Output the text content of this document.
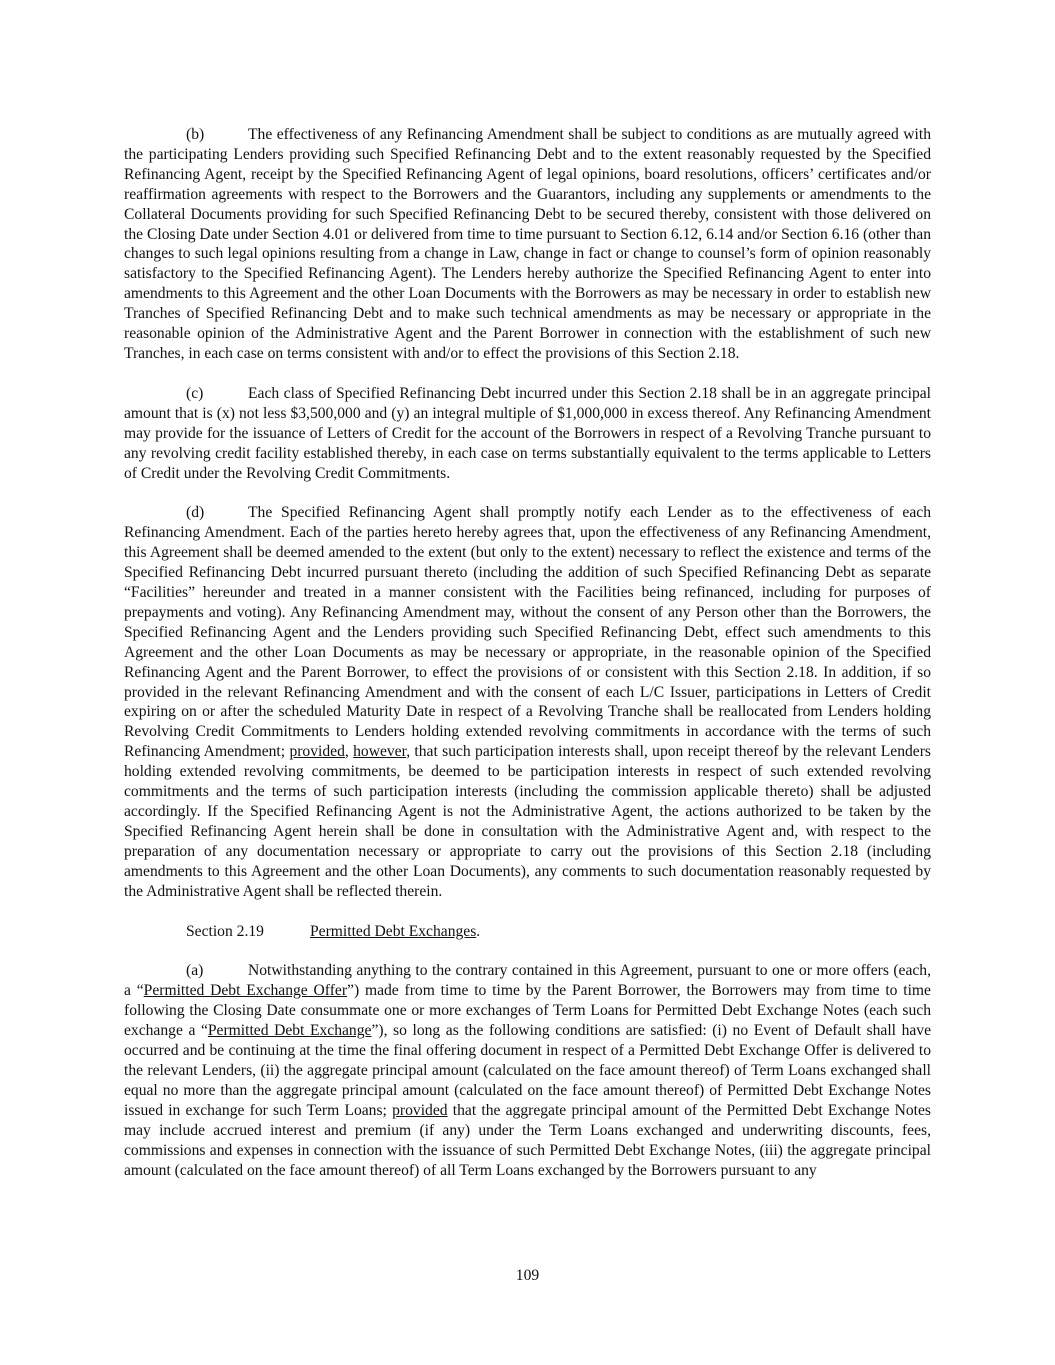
(b)	The effectiveness of any Refinancing Amendment shall be subject to conditions as are mutually agreed with the participating Lenders providing such Specified Refinancing Debt and to the extent reasonably requested by the Specified Refinancing Agent, receipt by the Specified Refinancing Agent of legal opinions, board resolutions, officers’ certificates and/or reaffirmation agreements with respect to the Borrowers and the Guarantors, including any supplements or amendments to the Collateral Documents providing for such Specified Refinancing Debt to be secured thereby, consistent with those delivered on the Closing Date under Section 4.01 or delivered from time to time pursuant to Section 6.12, 6.14 and/or Section 6.16 (other than changes to such legal opinions resulting from a change in Law, change in fact or change to counsel’s form of opinion reasonably satisfactory to the Specified Refinancing Agent). The Lenders hereby authorize the Specified Refinancing Agent to enter into amendments to this Agreement and the other Loan Documents with the Borrowers as may be necessary in order to establish new Tranches of Specified Refinancing Debt and to make such technical amendments as may be necessary or appropriate in the reasonable opinion of the Administrative Agent and the Parent Borrower in connection with the establishment of such new Tranches, in each case on terms consistent with and/or to effect the provisions of this Section 2.18.

(c)	Each class of Specified Refinancing Debt incurred under this Section 2.18 shall be in an aggregate principal amount that is (x) not less $3,500,000 and (y) an integral multiple of $1,000,000 in excess thereof. Any Refinancing Amendment may provide for the issuance of Letters of Credit for the account of the Borrowers in respect of a Revolving Tranche pursuant to any revolving credit facility established thereby, in each case on terms substantially equivalent to the terms applicable to Letters of Credit under the Revolving Credit Commitments.

(d)	The Specified Refinancing Agent shall promptly notify each Lender as to the effectiveness of each Refinancing Amendment. Each of the parties hereto hereby agrees that, upon the effectiveness of any Refinancing Amendment, this Agreement shall be deemed amended to the extent (but only to the extent) necessary to reflect the existence and terms of the Specified Refinancing Debt incurred pursuant thereto (including the addition of such Specified Refinancing Debt as separate “Facilities” hereunder and treated in a manner consistent with the Facilities being refinanced, including for purposes of prepayments and voting). Any Refinancing Amendment may, without the consent of any Person other than the Borrowers, the Specified Refinancing Agent and the Lenders providing such Specified Refinancing Debt, effect such amendments to this Agreement and the other Loan Documents as may be necessary or appropriate, in the reasonable opinion of the Specified Refinancing Agent and the Parent Borrower, to effect the provisions of or consistent with this Section 2.18. In addition, if so provided in the relevant Refinancing Amendment and with the consent of each L/C Issuer, participations in Letters of Credit expiring on or after the scheduled Maturity Date in respect of a Revolving Tranche shall be reallocated from Lenders holding Revolving Credit Commitments to Lenders holding extended revolving commitments in accordance with the terms of such Refinancing Amendment; provided, however, that such participation interests shall, upon receipt thereof by the relevant Lenders holding extended revolving commitments, be deemed to be participation interests in respect of such extended revolving commitments and the terms of such participation interests (including the commission applicable thereto) shall be adjusted accordingly. If the Specified Refinancing Agent is not the Administrative Agent, the actions authorized to be taken by the Specified Refinancing Agent herein shall be done in consultation with the Administrative Agent and, with respect to the preparation of any documentation necessary or appropriate to carry out the provisions of this Section 2.18 (including amendments to this Agreement and the other Loan Documents), any comments to such documentation reasonably requested by the Administrative Agent shall be reflected therein.

Section 2.19	Permitted Debt Exchanges.

(a)	Notwithstanding anything to the contrary contained in this Agreement, pursuant to one or more offers (each, a “Permitted Debt Exchange Offer”) made from time to time by the Parent Borrower, the Borrowers may from time to time following the Closing Date consummate one or more exchanges of Term Loans for Permitted Debt Exchange Notes (each such exchange a “Permitted Debt Exchange”), so long as the following conditions are satisfied: (i) no Event of Default shall have occurred and be continuing at the time the final offering document in respect of a Permitted Debt Exchange Offer is delivered to the relevant Lenders, (ii) the aggregate principal amount (calculated on the face amount thereof) of Term Loans exchanged shall equal no more than the aggregate principal amount (calculated on the face amount thereof) of Permitted Debt Exchange Notes issued in exchange for such Term Loans; provided that the aggregate principal amount of the Permitted Debt Exchange Notes may include accrued interest and premium (if any) under the Term Loans exchanged and underwriting discounts, fees, commissions and expenses in connection with the issuance of such Permitted Debt Exchange Notes, (iii) the aggregate principal amount (calculated on the face amount thereof) of all Term Loans exchanged by the Borrowers pursuant to any

109
